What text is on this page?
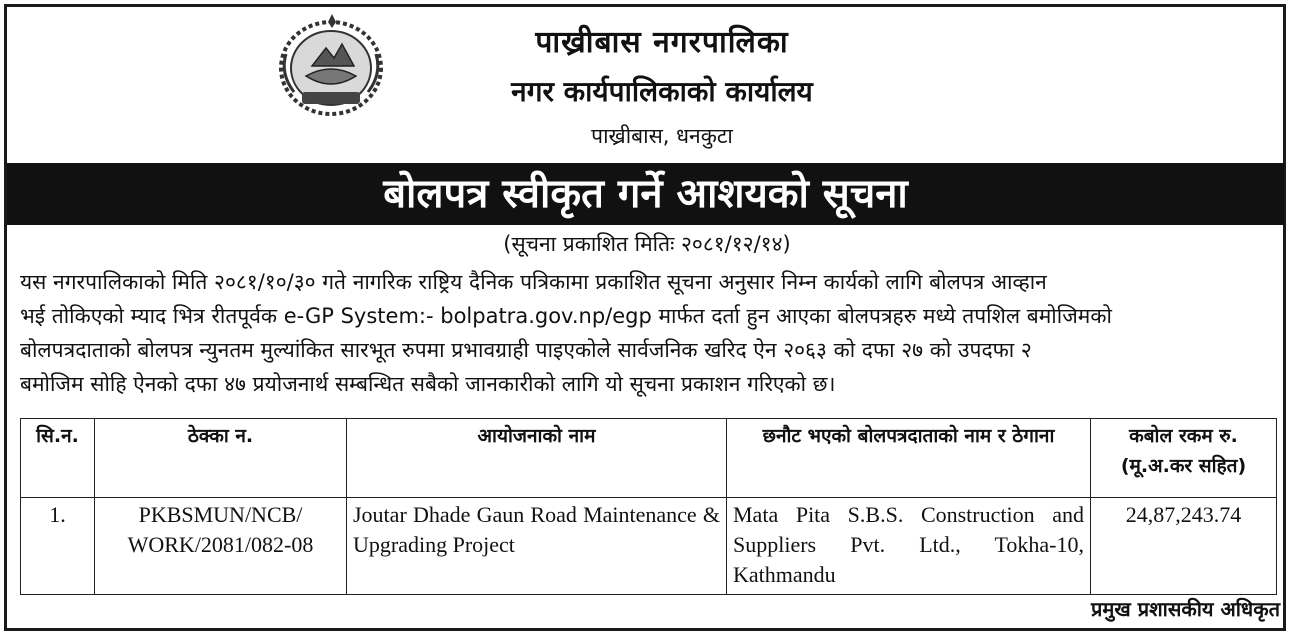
पाख्रीबास नगरपालिका
नगर कार्यपालिकाको कार्यालय
पाख्रीबास, धनकुटा
बोलपत्र स्वीकृत गर्ने आशयको सूचना
(सूचना प्रकाशित मितिः २०८१/१२/१४)
यस नगरपालिकाको मिति २०८१/१०/३० गते नागरिक राष्ट्रिय दैनिक पत्रिकामा प्रकाशित सूचना अनुसार निम्न कार्यको लागि बोलपत्र आव्हान
भई तोकिएको म्याद भित्र रीतपूर्वक e-GP System:- bolpatra.gov.np/egp मार्फत दर्ता हुन आएका बोलपत्रहरु मध्ये तपशिल बमोजिमको
बोलपत्रदाताको बोलपत्र न्युनतम मुल्यांकित सारभूत रुपमा प्रभावग्राही पाइएकोले सार्वजनिक खरिद ऐन २०६३ को दफा २७ को उपदफा २
बमोजिम सोहि ऐनको दफा ४७ प्रयोजनार्थ सम्बन्धित सबैको जानकारीको लागि यो सूचना प्रकाशन गरिएको छ।
सि.न.	ठेक्का न.	आयोजनाको नाम	छनौट भएको बोलपत्रदाताको नाम र ठेगाना	कबोल रकम रु. (मू.अ.कर सहित)
1.	PKBSMUN/NCB/ WORK/2081/082-08	Joutar Dhade Gaun Road Maintenance & Upgrading Project	Mata Pita S.B.S. Construction and Suppliers Pvt. Ltd., Tokha-10, Kathmandu	24,87,243.74
प्रमुख प्रशासकीय अधिकृत
